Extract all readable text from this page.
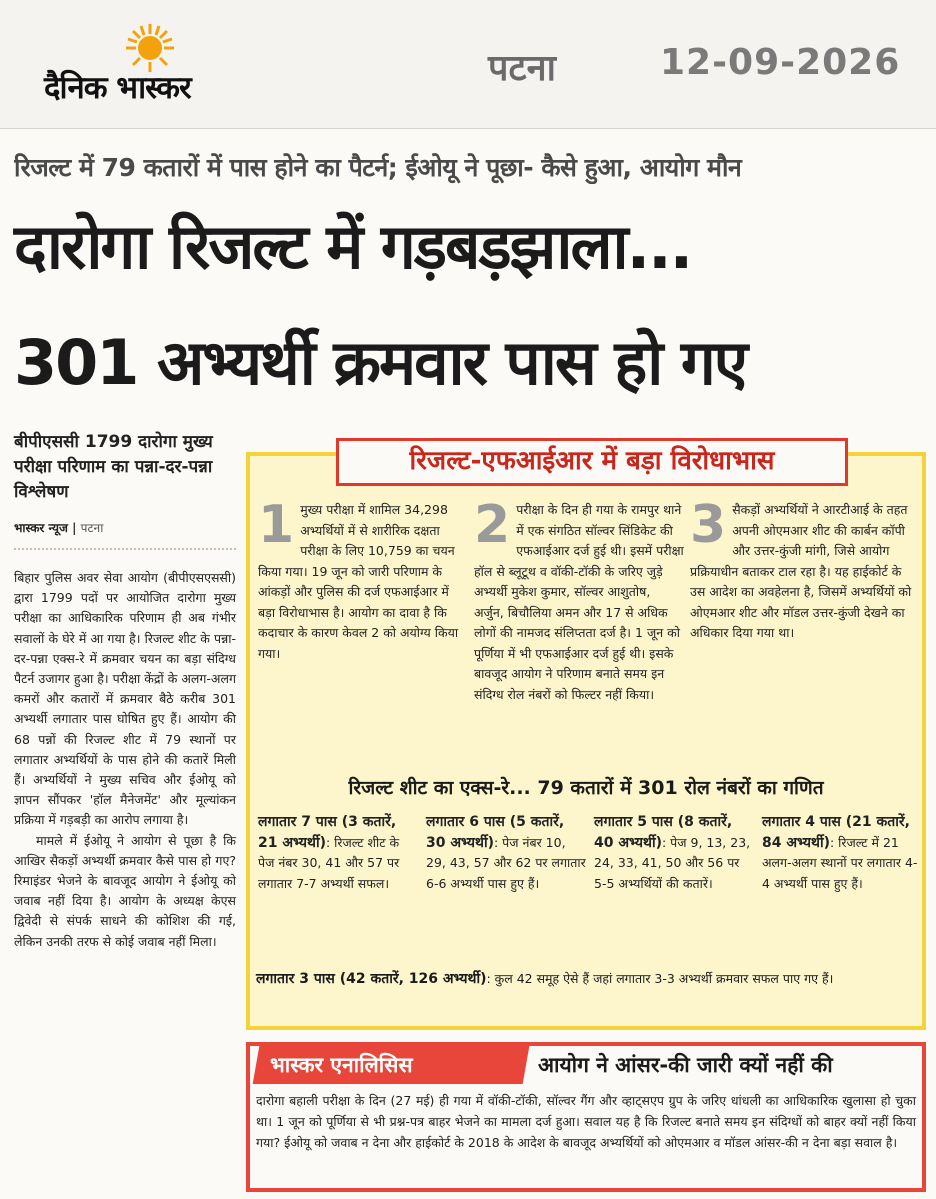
दैनिक भास्कर	पटना	12-09-2026
रिजल्ट में 79 कतारों में पास होने का पैटर्न; ईओयू ने पूछा- कैसे हुआ, आयोग मौन
दारोगा रिजल्ट में गड़बड़झाला...
301 अभ्यर्थी क्रमवार पास हो गए
बीपीएससी 1799 दारोगा मुख्य परीक्षा परिणाम का पन्ना-दर-पन्ना विश्लेषण
भास्कर न्यूज | पटना

बिहार पुलिस अवर सेवा आयोग (बीपीएसएससी) द्वारा 1799 पदों पर आयोजित दारोगा मुख्य परीक्षा का आधिकारिक परिणाम ही अब गंभीर सवालों के घेरे में आ गया है। रिजल्ट शीट के पन्ना-दर-पन्ना एक्स-रे में क्रमवार चयन का बड़ा संदिग्ध पैटर्न उजागर हुआ है। परीक्षा केंद्रों के अलग-अलग कमरों और कतारों में क्रमवार बैठे करीब 301 अभ्यर्थी लगातार पास घोषित हुए हैं। आयोग की 68 पन्नों की रिजल्ट शीट में 79 स्थानों पर लगातार अभ्यर्थियों के पास होने की कतारें मिली हैं। अभ्यर्थियों ने मुख्य सचिव और ईओयू को ज्ञापन सौंपकर 'हॉल मैनेजमेंट' और मूल्यांकन प्रक्रिया में गड़बड़ी का आरोप लगाया है।

मामले में ईओयू ने आयोग से पूछा है कि आखिर सैकड़ों अभ्यर्थी क्रमवार कैसे पास हो गए? रिमाइंडर भेजने के बावजूद आयोग ने ईओयू को जवाब नहीं दिया है। आयोग के अध्यक्ष केएस द्विवेदी से संपर्क साधने की कोशिश की गई, लेकिन उनकी तरफ से कोई जवाब नहीं मिला।

रिजल्ट-एफआईआर में बड़ा विरोधाभास
1 मुख्य परीक्षा में शामिल 34,298 अभ्यर्थियों में से शारीरिक दक्षता परीक्षा के लिए 10,759 का चयन किया गया। 19 जून को जारी परिणाम के आंकड़ों और पुलिस की दर्ज एफआईआर में बड़ा विरोधाभास है। आयोग का दावा है कि कदाचार के कारण केवल 2 को अयोग्य किया गया।
2 परीक्षा के दिन ही गया के रामपुर थाने में एक संगठित सॉल्वर सिंडिकेट की एफआईआर दर्ज हुई थी। इसमें परीक्षा हॉल से ब्लूटूथ व वॉकी-टॉकी के जरिए जुड़े अभ्यर्थी मुकेश कुमार, सॉल्वर आशुतोष, अर्जुन, बिचौलिया अमन और 17 से अधिक लोगों की नामजद संलिप्तता दर्ज है। 1 जून को पूर्णिया में भी एफआईआर दर्ज हुई थी। इसके बावजूद आयोग ने परिणाम बनाते समय इन संदिग्ध रोल नंबरों को फिल्टर नहीं किया।
3 सैकड़ों अभ्यर्थियों ने आरटीआई के तहत अपनी ओएमआर शीट की कार्बन कॉपी और उत्तर-कुंजी मांगी, जिसे आयोग प्रक्रियाधीन बताकर टाल रहा है। यह हाईकोर्ट के उस आदेश का अवहेलना है, जिसमें अभ्यर्थियों को ओएमआर शीट और मॉडल उत्तर-कुंजी देखने का अधिकार दिया गया था।
रिजल्ट शीट का एक्स-रे... 79 कतारों में 301 रोल नंबरों का गणित
लगातार 7 पास (3 कतारें, 21 अभ्यर्थी): रिजल्ट शीट के पेज नंबर 30, 41 और 57 पर लगातार 7-7 अभ्यर्थी सफल।
लगातार 6 पास (5 कतारें, 30 अभ्यर्थी): पेज नंबर 10, 29, 43, 57 और 62 पर लगातार 6-6 अभ्यर्थी पास हुए हैं।
लगातार 5 पास (8 कतारें, 40 अभ्यर्थी): पेज 9, 13, 23, 24, 33, 41, 50 और 56 पर 5-5 अभ्यर्थियों की कतारें।
लगातार 4 पास (21 कतारें, 84 अभ्यर्थी): रिजल्ट में 21 अलग-अलग स्थानों पर लगातार 4-4 अभ्यर्थी पास हुए हैं।
लगातार 3 पास (42 कतारें, 126 अभ्यर्थी): कुल 42 समूह ऐसे हैं जहां लगातार 3-3 अभ्यर्थी क्रमवार सफल पाए गए हैं।
भास्कर एनालिसिस	आयोग ने आंसर-की जारी क्यों नहीं की
दारोगा बहाली परीक्षा के दिन (27 मई) ही गया में वॉकी-टॉकी, सॉल्वर गैंग और व्हाट्सएप ग्रुप के जरिए धांधली का आधिकारिक खुलासा हो चुका था। 1 जून को पूर्णिया से भी प्रश्न-पत्र बाहर भेजने का मामला दर्ज हुआ। सवाल यह है कि रिजल्ट बनाते समय इन संदिग्धों को बाहर क्यों नहीं किया गया? ईओयू को जवाब न देना और हाईकोर्ट के 2018 के आदेश के बावजूद अभ्यर्थियों को ओएमआर व मॉडल आंसर-की न देना बड़ा सवाल है।
